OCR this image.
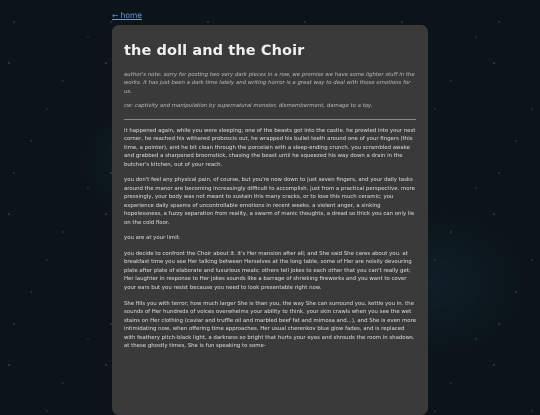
← home
the doll and the Choir

author's note: sorry for posting two very dark pieces in a row, we promise we have some lighter stuff in the works. it has just been a dark time lately and writing horror is a great way to deal with those emotions for us.

cw: captivity and manipulation by supernatural monster, dismemberment, damage to a toy.

it happened again, while you were sleeping; one of the beasts got into the castle. he prowled into your nest corner, he reached his withered proboscis out, he wrapped his bullet teeth around one of your fingers (this time, a pointer), and he bit clean through the porcelain with a sleep-ending crunch. you scrambled awake and grabbed a sharpened broomstick, chasing the beast until he squeezed his way down a drain in the butcher's kitchen, out of your reach.

you don't feel any physical pain, of course, but you're now down to just seven fingers, and your daily tasks around the manor are becoming increasingly difficult to accomplish. just from a practical perspective. more pressingly, your body was not meant to sustain this many cracks, or to lose this much ceramic; you experience daily spasms of uncontrollable emotions in recent weeks. a violent anger, a sinking hopelessness, a fuzzy separation from reality, a swarm of manic thoughts, a dread so thick you can only lie on the cold floor.

you are at your limit.

you decide to confront the Choir about it. it's Her mansion after all; and She said She cares about you. at breakfast time you see Her talking between Herselves at the long table, some of Her are noisily devouring plate after plate of elaborate and luxurious meals; others tell jokes to each other that you can't really get; Her laughter in response to Her jokes sounds like a barrage of shrieking fireworks and you want to cover your ears but you resist because you need to look presentable right now.

She fills you with terror; how much larger She is than you, the way She can surround you, kettle you in. the sounds of Her hundreds of voices overwhelms your ability to think. your skin crawls when you see the wet stains on Her clothing (caviar and truffle oil and marbled beef fat and mimosa and...), and She is even more intimidating now, when offering time approaches. Her usual cherenkov blue glow fades, and is replaced with feathery pitch-black light, a darkness so bright that hurts your eyes and shrouds the room in shadows. at these ghostly times, She is fun speaking to some-
